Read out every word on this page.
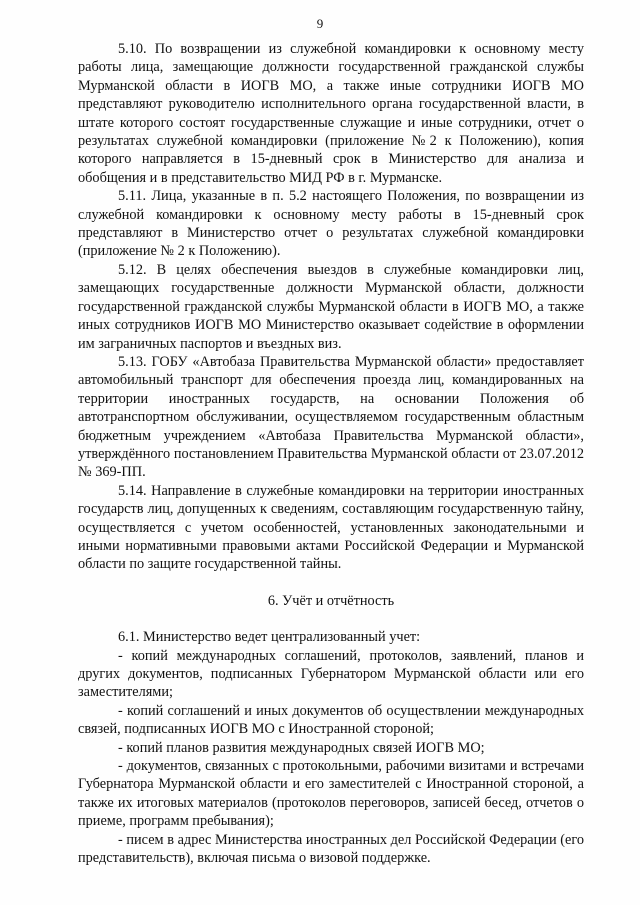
9

5.10. По возвращении из служебной командировки к основному месту работы лица, замещающие должности государственной гражданской службы Мурманской области в ИОГВ МО, а также иные сотрудники ИОГВ МО представляют руководителю исполнительного органа государственной власти, в штате которого состоят государственные служащие и иные сотрудники, отчет о результатах служебной командировки (приложение №2 к Положению), копия которого направляется в 15-дневный срок в Министерство для анализа и обобщения и в представительство МИД РФ в г. Мурманске.

5.11. Лица, указанные в п. 5.2 настоящего Положения, по возвращении из служебной командировки к основному месту работы в 15-дневный срок представляют в Министерство отчет о результатах служебной командировки (приложение № 2 к Положению).

5.12. В целях обеспечения выездов в служебные командировки лиц, замещающих государственные должности Мурманской области, должности государственной гражданской службы Мурманской области в ИОГВ МО, а также иных сотрудников ИОГВ МО Министерство оказывает содействие в оформлении им заграничных паспортов и въездных виз.

5.13. ГОБУ «Автобаза Правительства Мурманской области» предоставляет автомобильный транспорт для обеспечения проезда лиц, командированных на территории иностранных государств, на основании Положения об автотранспортном обслуживании, осуществляемом государственным областным бюджетным учреждением «Автобаза Правительства Мурманской области», утверждённого постановлением Правительства Мурманской области от 23.07.2012 № 369-ПП.

5.14. Направление в служебные командировки на территории иностранных государств лиц, допущенных к сведениям, составляющим государственную тайну, осуществляется с учетом особенностей, установленных законодательными и иными нормативными правовыми актами Российской Федерации и Мурманской области по защите государственной тайны.

6. Учёт и отчётность

6.1. Министерство ведет централизованный учет:

- копий международных соглашений, протоколов, заявлений, планов и других документов, подписанных Губернатором Мурманской области или его заместителями;

- копий соглашений и иных документов об осуществлении международных связей, подписанных ИОГВ МО с Иностранной стороной;

- копий планов развития международных связей ИОГВ МО;

- документов, связанных с протокольными, рабочими визитами и встречами Губернатора Мурманской области и его заместителей с Иностранной стороной, а также их итоговых материалов (протоколов переговоров, записей бесед, отчетов о приеме, программ пребывания);

- писем в адрес Министерства иностранных дел Российской Федерации (его представительств), включая письма о визовой поддержке.
